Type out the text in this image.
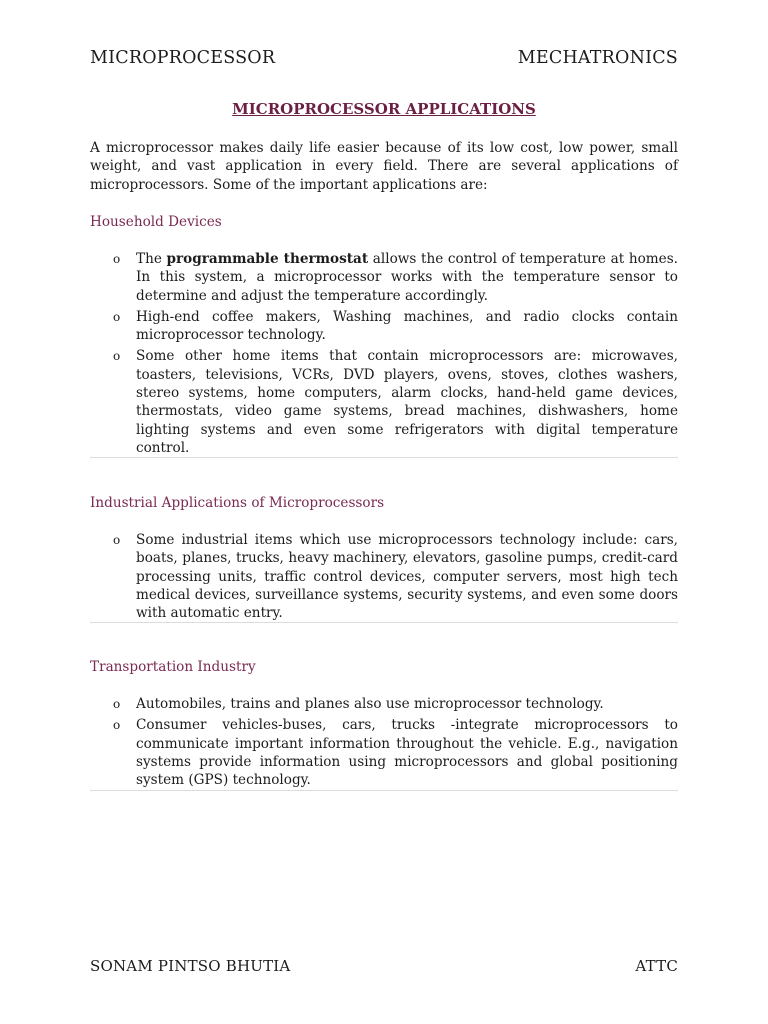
MICROPROCESSOR	MECHATRONICS
MICROPROCESSOR APPLICATIONS
A microprocessor makes daily life easier because of its low cost, low power, small weight, and vast application in every field. There are several applications of microprocessors. Some of the important applications are:
Household Devices
o The programmable thermostat allows the control of temperature at homes. In this system, a microprocessor works with the temperature sensor to determine and adjust the temperature accordingly.
o High-end coffee makers, Washing machines, and radio clocks contain microprocessor technology.
o Some other home items that contain microprocessors are: microwaves, toasters, televisions, VCRs, DVD players, ovens, stoves, clothes washers, stereo systems, home computers, alarm clocks, hand-held game devices, thermostats, video game systems, bread machines, dishwashers, home lighting systems and even some refrigerators with digital temperature control.
Industrial Applications of Microprocessors
o Some industrial items which use microprocessors technology include: cars, boats, planes, trucks, heavy machinery, elevators, gasoline pumps, credit-card processing units, traffic control devices, computer servers, most high tech medical devices, surveillance systems, security systems, and even some doors with automatic entry.
Transportation Industry
o Automobiles, trains and planes also use microprocessor technology.
o Consumer vehicles-buses, cars, trucks -integrate microprocessors to communicate important information throughout the vehicle. E.g., navigation systems provide information using microprocessors and global positioning system (GPS) technology.
SONAM PINTSO BHUTIA	ATTC
